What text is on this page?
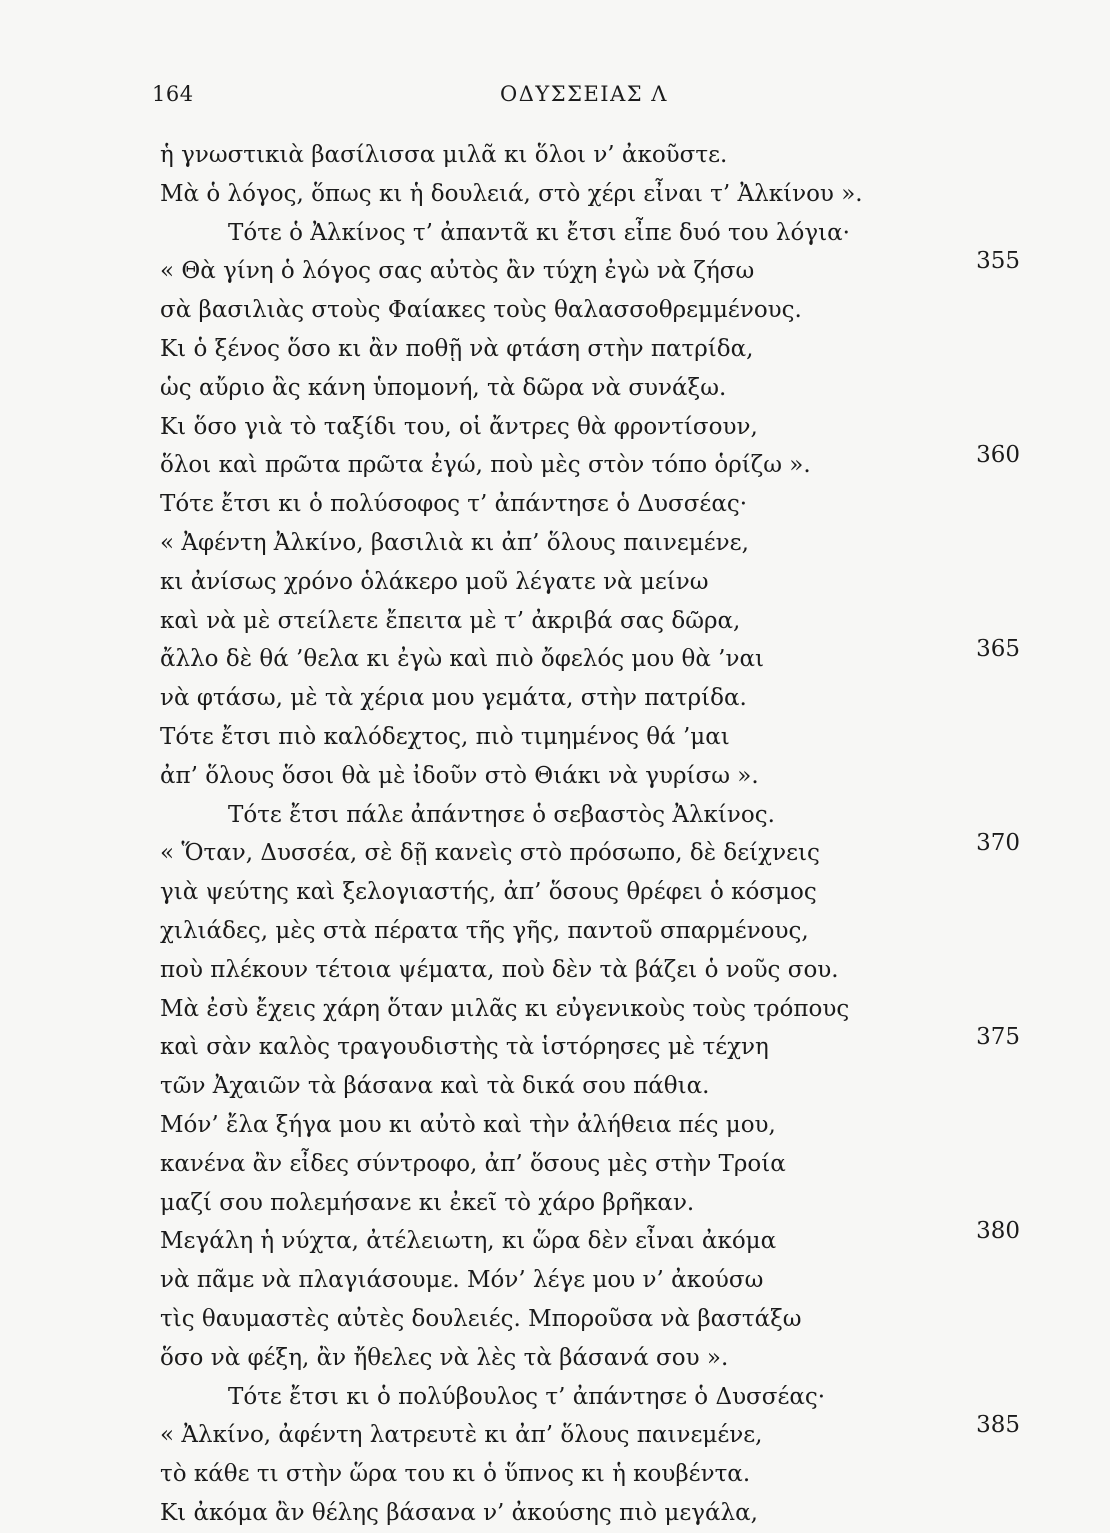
164	ΟΔΥΣΣΕΙΑΣ Λ
ἡ γνωστικιὰ βασίλισσα μιλᾶ κι ὅλοι ν’ ἀκοῦστε.
Μὰ ὁ λόγος, ὅπως κι ἡ δουλειά, στὸ χέρι εἶναι τ’ Ἀλκίνου ».
Τότε ὁ Ἀλκίνος τ’ ἀπαντᾶ κι ἔτσι εἶπε δυό του λόγια·
« Θὰ γίνη ὁ λόγος σας αὐτὸς ἂν τύχη ἐγὼ νὰ ζήσω	355
σὰ βασιλιὰς στοὺς Φαίακες τοὺς θαλασσοθρεμμένους.
Κι ὁ ξένος ὅσο κι ἂν ποθῇ νὰ φτάση στὴν πατρίδα,
ὡς αὔριο ἂς κάνη ὑπομονή, τὰ δῶρα νὰ συνάξω.
Κι ὅσο γιὰ τὸ ταξίδι του, οἱ ἄντρες θὰ φροντίσουν,
ὅλοι καὶ πρῶτα πρῶτα ἐγώ, ποὺ μὲς στὸν τόπο ὁρίζω ».	360
Τότε ἔτσι κι ὁ πολύσοφος τ’ ἀπάντησε ὁ Δυσσέας·
« Ἀφέντη Ἀλκίνο, βασιλιὰ κι ἀπ’ ὅλους παινεμένε,
κι ἀνίσως χρόνο ὁλάκερο μοῦ λέγατε νὰ μείνω
καὶ νὰ μὲ στείλετε ἔπειτα μὲ τ’ ἀκριβά σας δῶρα,
ἄλλο δὲ θά ’θελα κι ἐγὼ καὶ πιὸ ὄφελός μου θὰ ’ναι	365
νὰ φτάσω, μὲ τὰ χέρια μου γεμάτα, στὴν πατρίδα.
Τότε ἔτσι πιὸ καλόδεχτος, πιὸ τιμημένος θά ’μαι
ἀπ’ ὅλους ὅσοι θὰ μὲ ἰδοῦν στὸ Θιάκι νὰ γυρίσω ».
Τότε ἔτσι πάλε ἀπάντησε ὁ σεβαστὸς Ἀλκίνος.
« Ὅταν, Δυσσέα, σὲ δῇ κανεὶς στὸ πρόσωπο, δὲ δείχνεις	370
γιὰ ψεύτης καὶ ξελογιαστής, ἀπ’ ὅσους θρέφει ὁ κόσμος
χιλιάδες, μὲς στὰ πέρατα τῆς γῆς, παντοῦ σπαρμένους,
ποὺ πλέκουν τέτοια ψέματα, ποὺ δὲν τὰ βάζει ὁ νοῦς σου.
Μὰ ἐσὺ ἔχεις χάρη ὅταν μιλᾶς κι εὐγενικοὺς τοὺς τρόπους
καὶ σὰν καλὸς τραγουδιστὴς τὰ ἱστόρησες μὲ τέχνη	375
τῶν Ἀχαιῶν τὰ βάσανα καὶ τὰ δικά σου πάθια.
Μόν’ ἔλα ξήγα μου κι αὐτὸ καὶ τὴν ἀλήθεια πές μου,
κανένα ἂν εἶδες σύντροφο, ἀπ’ ὅσους μὲς στὴν Τροία
μαζί σου πολεμήσανε κι ἐκεῖ τὸ χάρο βρῆκαν.
Μεγάλη ἡ νύχτα, ἀτέλειωτη, κι ὥρα δὲν εἶναι ἀκόμα	380
νὰ πᾶμε νὰ πλαγιάσουμε. Μόν’ λέγε μου ν’ ἀκούσω
τὶς θαυμαστὲς αὐτὲς δουλειές. Μποροῦσα νὰ βαστάξω
ὅσο νὰ φέξη, ἂν ἤθελες νὰ λὲς τὰ βάσανά σου ».
Τότε ἔτσι κι ὁ πολύβουλος τ’ ἀπάντησε ὁ Δυσσέας·
« Ἀλκίνο, ἀφέντη λατρευτὲ κι ἀπ’ ὅλους παινεμένε,	385
τὸ κάθε τι στὴν ὥρα του κι ὁ ὕπνος κι ἡ κουβέντα.
Κι ἀκόμα ἂν θέλης βάσανα ν’ ἀκούσης πιὸ μεγάλα,
